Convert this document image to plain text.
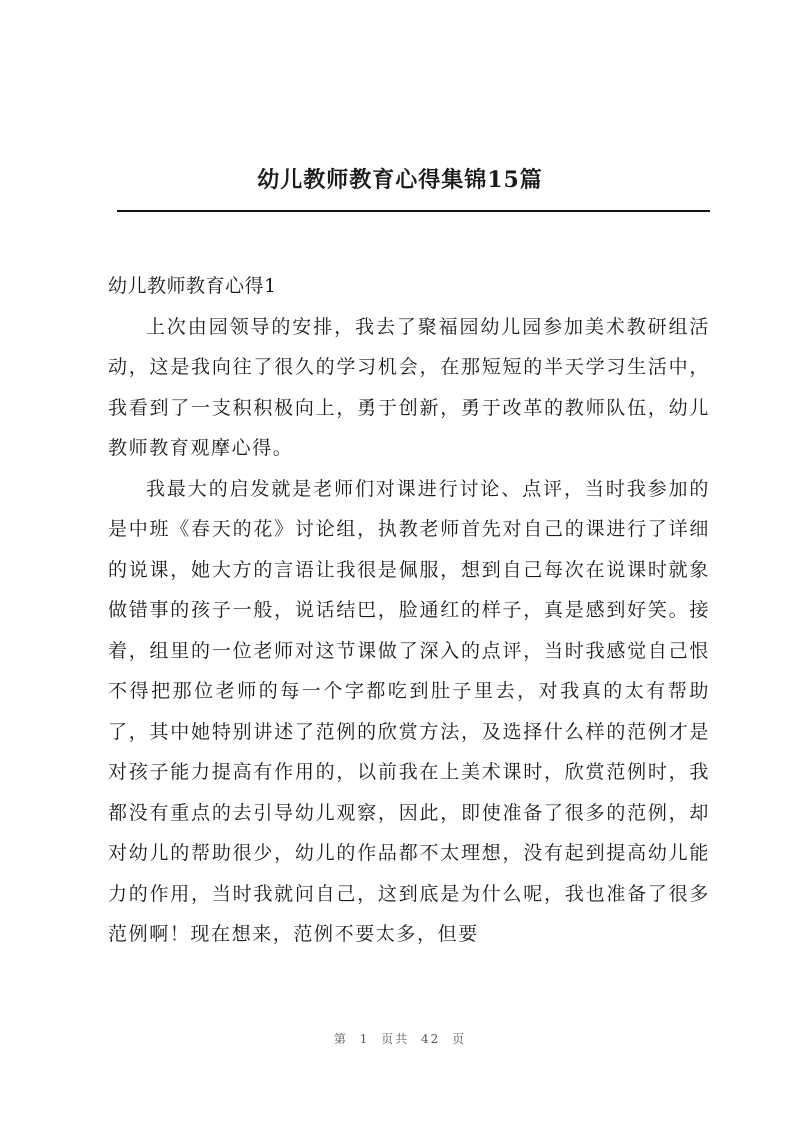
幼儿教师教育心得集锦15篇
幼儿教师教育心得1

上次由园领导的安排，我去了聚福园幼儿园参加美术教研组活动，这是我向往了很久的学习机会，在那短短的半天学习生活中，我看到了一支积积极向上，勇于创新，勇于改革的教师队伍，幼儿教师教育观摩心得。

我最大的启发就是老师们对课进行讨论、点评，当时我参加的是中班《春天的花》讨论组，执教老师首先对自己的课进行了详细的说课，她大方的言语让我很是佩服，想到自己每次在说课时就象做错事的孩子一般，说话结巴，脸通红的样子，真是感到好笑。接着，组里的一位老师对这节课做了深入的点评，当时我感觉自己恨不得把那位老师的每一个字都吃到肚子里去，对我真的太有帮助了，其中她特别讲述了范例的欣赏方法，及选择什么样的范例才是对孩子能力提高有作用的，以前我在上美术课时，欣赏范例时，我都没有重点的去引导幼儿观察，因此，即使准备了很多的范例，却对幼儿的帮助很少，幼儿的作品都不太理想，没有起到提高幼儿能力的作用，当时我就问自己，这到底是为什么呢，我也准备了很多范例啊！现在想来，范例不要太多，但要

第 1 页共 42 页
